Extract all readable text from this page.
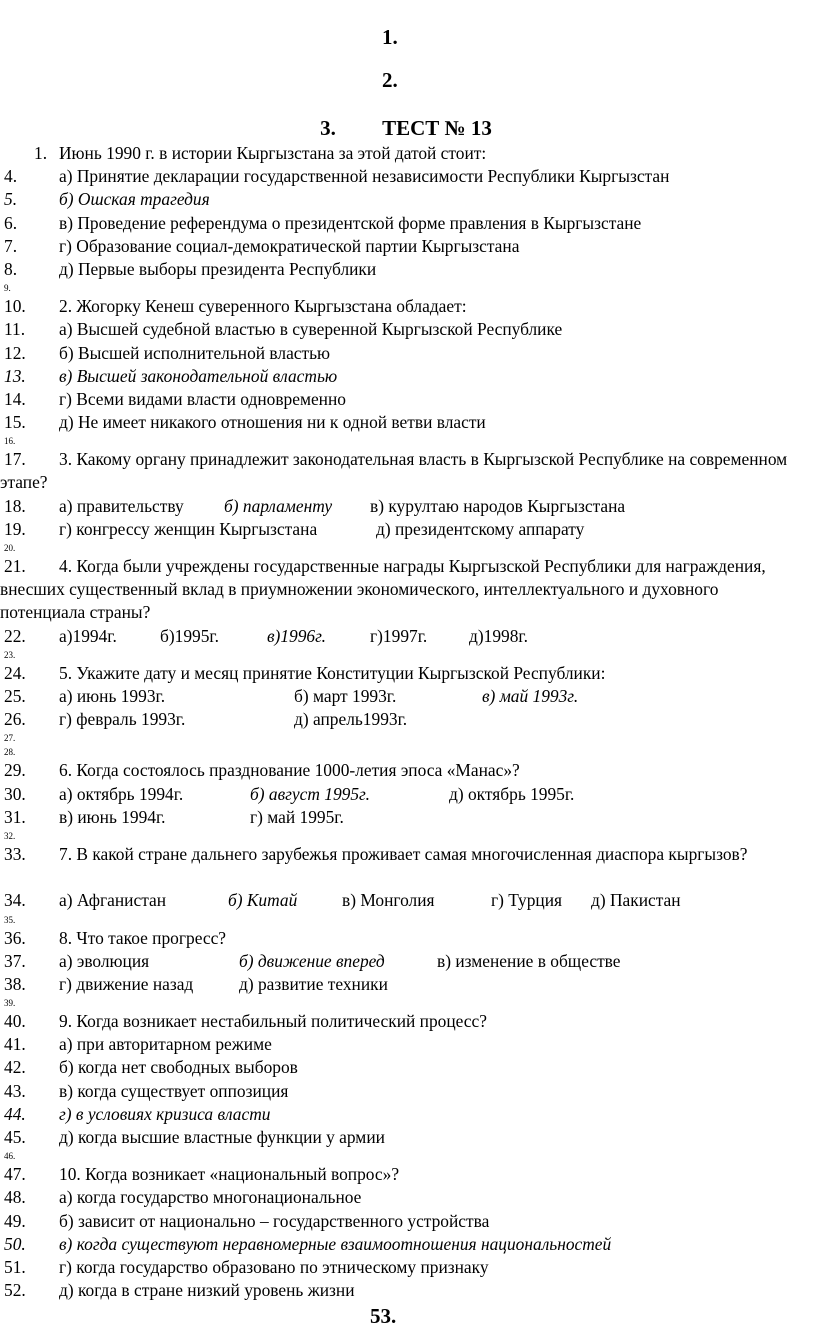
1.
2.
3. ТЕСТ № 13
1. Июнь 1990 г. в истории Кыргызстана за этой датой стоит:
4. а) Принятие декларации государственной независимости Республики Кыргызстан
5. б) Ошская трагедия
6. в) Проведение референдума о президентской форме правления в Кыргызстане
7. г) Образование социал-демократической партии Кыргызстана
8. д) Первые выборы президента Республики
9.
10. 2. Жогорку Кенеш суверенного Кыргызстана обладает:
11. а) Высшей судебной властью в суверенной Кыргызской Республике
12. б) Высшей исполнительной властью
13. в) Высшей законодательной властью
14. г) Всеми видами власти одновременно
15. д) Не имеет никакого отношения ни к одной ветви власти
16.
17.	3. Какому органу принадлежит законодательная власть в Кыргызской Республике на современном этапе?
18. а) правительству б) парламенту в) курултаю народов Кыргызстана
19. г) конгрессу женщин Кыргызстана	д) президентскому аппарату
20.
21.	4. Когда были учреждены государственные награды Кыргызской Республики для награждения, внесших существенный вклад в приумножении экономического, интеллектуального и духовного потенциала страны?
22. а)1994г. б)1995г.	в)1996г.	г)1997г. д)1998г.
23.
24. 5. Укажите дату и месяц принятие Конституции Кыргызской Республики:
25. а) июнь 1993г.	б) март 1993г.	в) май 1993г.
26. г) февраль 1993г.	д) апрель1993г.
27.
28.
29. 6. Когда состоялось празднование 1000-летия эпоса «Манас»?
30. а) октябрь 1994г.	б) август 1995г.	д) октябрь 1995г.
31. в) июнь 1994г.	г) май 1995г.
32.
33.	7. В какой стране дальнего зарубежья проживает самая многочисленная диаспора кыргызов?
34. а) Афганистан	б) Китай	в) Монголия	г) Турция д) Пакистан
35.
36. 8. Что такое прогресс?
37. а) эволюция	б) движение вперед	в) изменение в обществе
38. г) движение назад	д) развитие техники
39.
40. 9. Когда возникает нестабильный политический процесс?
41. а) при авторитарном режиме
42. б) когда нет свободных выборов
43. в) когда существует оппозиция
44. г) в условиях кризиса власти
45. д) когда высшие властные функции у армии
46.
47. 10. Когда возникает «национальный вопрос»?
48. а) когда государство многонациональное
49. б) зависит от национально – государственного устройства
50. в) когда существуют неравномерные взаимоотношения национальностей
51. г) когда государство образовано по этническому признаку
52. д) когда в стране низкий уровень жизни
53.
